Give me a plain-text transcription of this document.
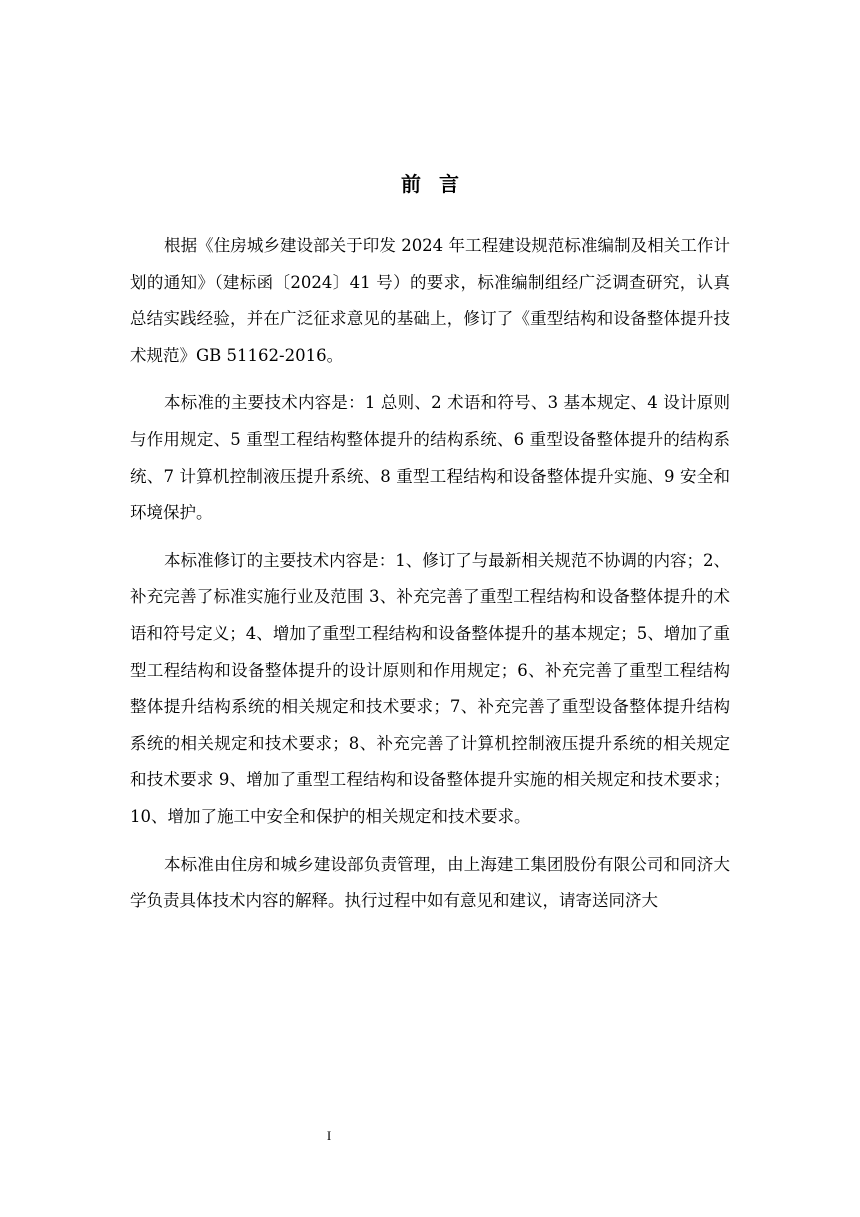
前言

根据《住房城乡建设部关于印发 2024 年工程建设规范标准编制及相关工作计划的通知》（建标函〔2024〕41 号）的要求，标准编制组经广泛调查研究，认真总结实践经验，并在广泛征求意见的基础上，修订了《重型结构和设备整体提升技术规范》GB 51162-2016。

本标准的主要技术内容是：1 总则、2 术语和符号、3 基本规定、4 设计原则与作用规定、5 重型工程结构整体提升的结构系统、6 重型设备整体提升的结构系统、7 计算机控制液压提升系统、8 重型工程结构和设备整体提升实施、9 安全和环境保护。

本标准修订的主要技术内容是：1、修订了与最新相关规范不协调的内容；2、补充完善了标准实施行业及范围 3、补充完善了重型工程结构和设备整体提升的术语和符号定义；4、增加了重型工程结构和设备整体提升的基本规定；5、增加了重型工程结构和设备整体提升的设计原则和作用规定；6、补充完善了重型工程结构整体提升结构系统的相关规定和技术要求；7、补充完善了重型设备整体提升结构系统的相关规定和技术要求；8、补充完善了计算机控制液压提升系统的相关规定和技术要求 9、增加了重型工程结构和设备整体提升实施的相关规定和技术要求；10、增加了施工中安全和保护的相关规定和技术要求。

本标准由住房和城乡建设部负责管理，由上海建工集团股份有限公司和同济大学负责具体技术内容的解释。执行过程中如有意见和建议，请寄送同济大

I
